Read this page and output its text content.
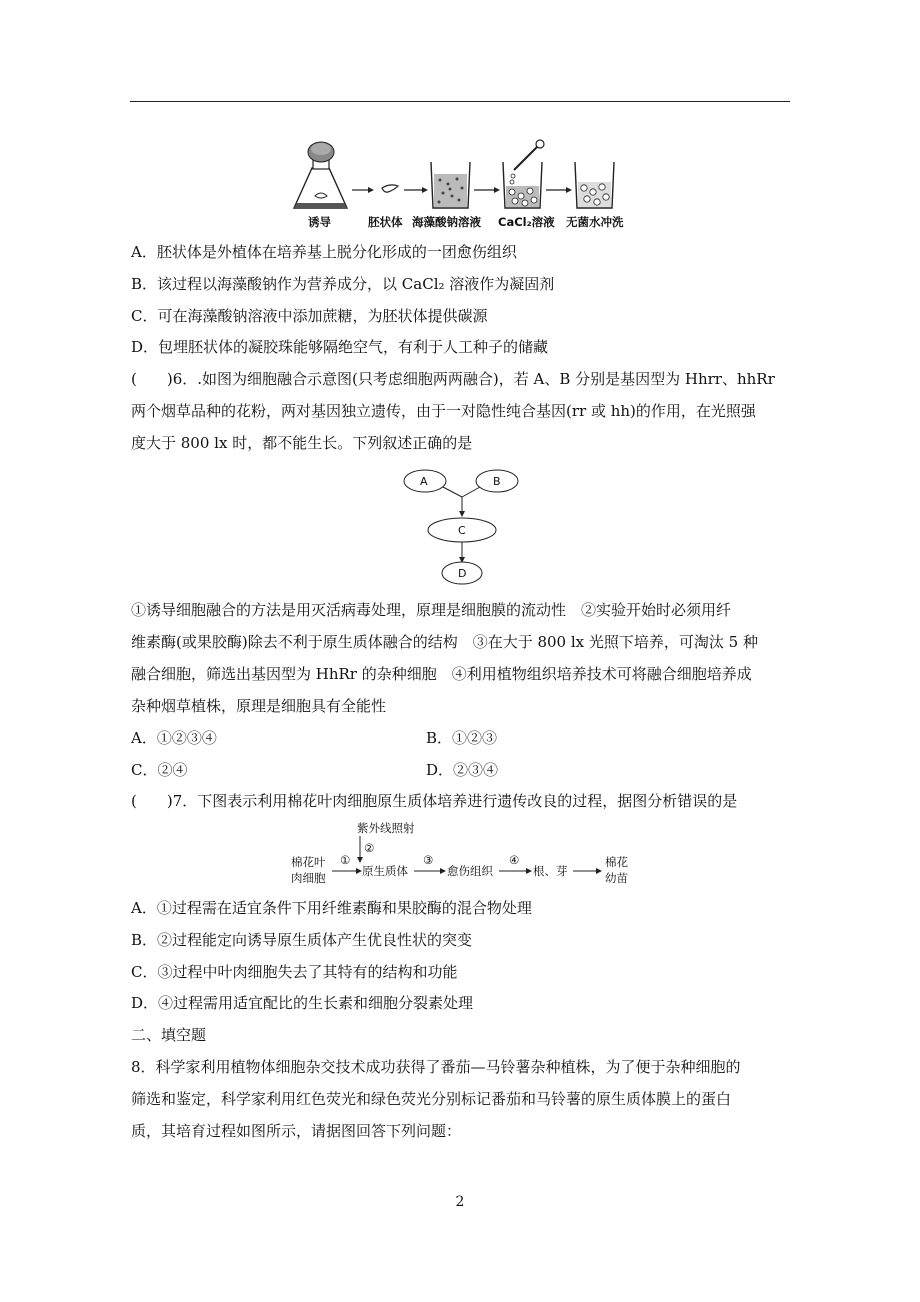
诱导	胚状体 海藻酸钠溶液 CaCl₂溶液 无菌水冲洗
A．胚状体是外植体在培养基上脱分化形成的一团愈伤组织
B．该过程以海藻酸钠作为营养成分，以 CaCl₂ 溶液作为凝固剂
C．可在海藻酸钠溶液中添加蔗糖，为胚状体提供碳源
D．包埋胚状体的凝胶珠能够隔绝空气，有利于人工种子的储藏
(　　)6．.如图为细胞融合示意图(只考虑细胞两两融合)，若 A、B 分别是基因型为 Hhrr、hhRr
两个烟草品种的花粉，两对基因独立遗传，由于一对隐性纯合基因(rr 或 hh)的作用，在光照强
度大于 800 lx 时，都不能生长。下列叙述正确的是
A	B
C
D
①诱导细胞融合的方法是用灭活病毒处理，原理是细胞膜的流动性　②实验开始时必须用纤
维素酶(或果胶酶)除去不利于原生质体融合的结构　③在大于 800 lx 光照下培养，可淘汰 5 种
融合细胞，筛选出基因型为 HhRr 的杂种细胞　④利用植物组织培养技术可将融合细胞培养成
杂种烟草植株，原理是细胞具有全能性
A．①②③④	B．①②③
C．②④	D．②③④
(　　)7．下图表示利用棉花叶肉细胞原生质体培养进行遗传改良的过程，据图分析错误的是
紫外线照射
②
棉花叶
肉细胞
①
原生质体
③
愈伤组织
④
根、芽
棉花
幼苗
A．①过程需在适宜条件下用纤维素酶和果胶酶的混合物处理
B．②过程能定向诱导原生质体产生优良性状的突变
C．③过程中叶肉细胞失去了其特有的结构和功能
D．④过程需用适宜配比的生长素和细胞分裂素处理
二、填空题
8．科学家利用植物体细胞杂交技术成功获得了番茄—马铃薯杂种植株，为了便于杂种细胞的
筛选和鉴定，科学家利用红色荧光和绿色荧光分别标记番茄和马铃薯的原生质体膜上的蛋白
质，其培育过程如图所示，请据图回答下列问题：
2
